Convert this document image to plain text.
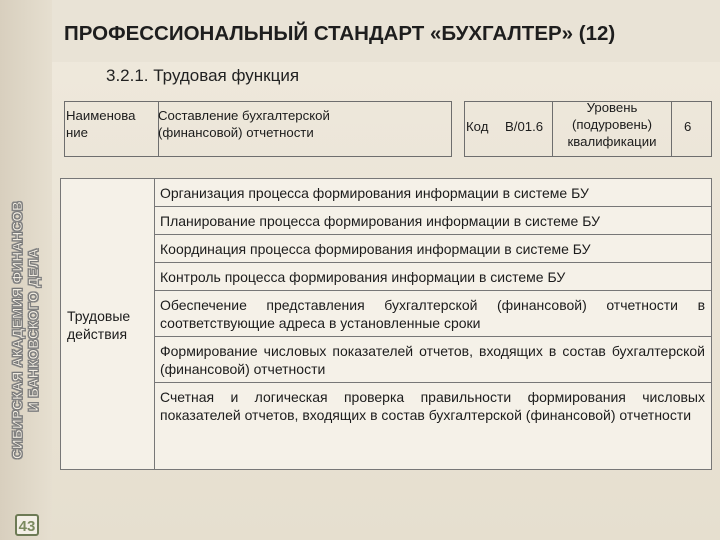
ПРОФЕССИОНАЛЬНЫЙ СТАНДАРТ «БУХГАЛТЕР» (12)
3.2.1. Трудовая функция
СИБИРСКАЯ АКАДЕМИЯ ФИНАНСОВ И БАНКОВСКОГО ДЕЛА
43
Наименова ние
Составление бухгалтерской (финансовой) отчетности	Код B/01.6
Уровень (подуровень) квалификации
6
Трудовые действия
Организация процесса формирования информации в системе БУ
Планирование процесса формирования информации в системе БУ
Координация процесса формирования информации в системе БУ
Контроль процесса формирования информации в системе БУ
Обеспечение представления бухгалтерской (финансовой) отчетности в соответствующие адреса в установленные сроки
Формирование числовых показателей отчетов, входящих в состав бухгалтерской (финансовой) отчетности
Счетная и логическая проверка правильности формирования числовых показателей отчетов, входящих в состав бухгалтерской (финансовой) отчетности
